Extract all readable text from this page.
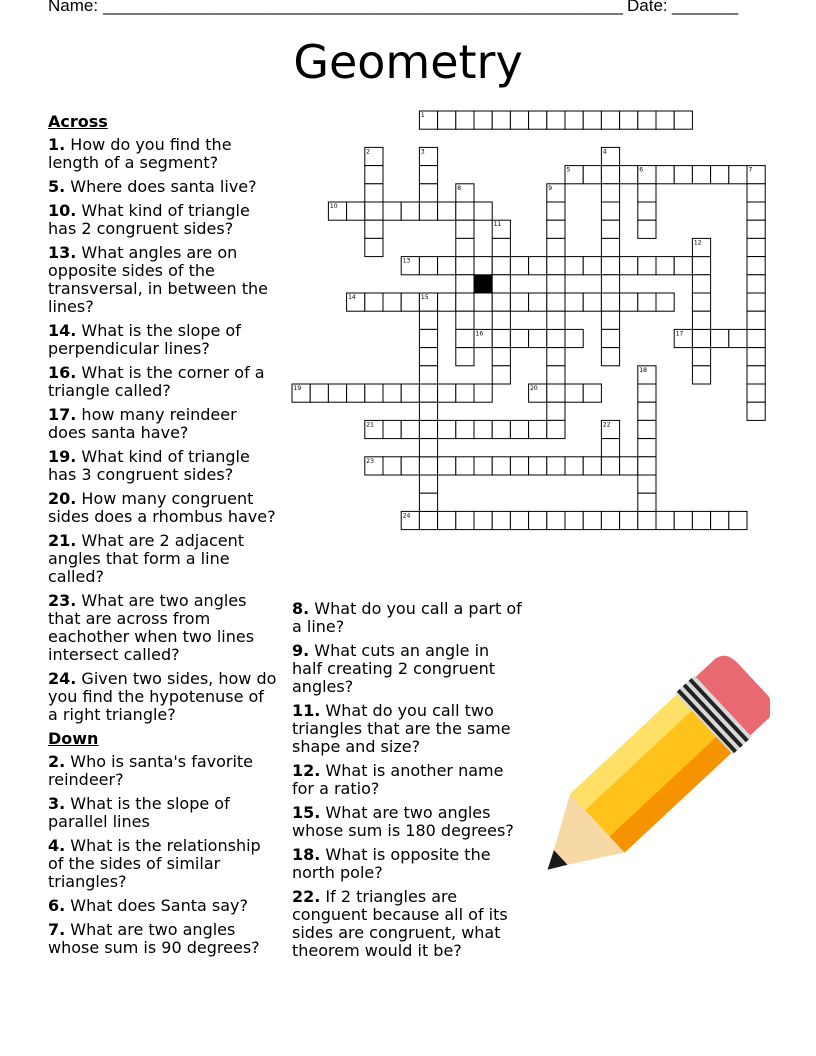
Name: _______________________________________________________ Date: _______
Geometry
1
5
10
13
14
16	17
19	20
21
23
24
2	3	4
6	7
8	9
11
12
15
18
22
Across
1. How do you find the length of a segment?
5. Where does santa live?
10. What kind of triangle has 2 congruent sides?
13. What angles are on opposite sides of the transversal, in between the lines?
14. What is the slope of perpendicular lines?
16. What is the corner of a triangle called?
17. how many reindeer does santa have?
19. What kind of triangle has 3 congruent sides?
20. How many congruent sides does a rhombus have?
21. What are 2 adjacent angles that form a line called?
23. What are two angles that are across from eachother when two lines intersect called?
24. Given two sides, how do you find the hypotenuse of a right triangle?
Down
2. Who is santa's favorite reindeer?
3. What is the slope of parallel lines
4. What is the relationship of the sides of similar triangles?
6. What does Santa say?
7. What are two angles whose sum is 90 degrees?
8. What do you call a part of a line?
9. What cuts an angle in half creating 2 congruent angles?
11. What do you call two triangles that are the same shape and size?
12. What is another name for a ratio?
15. What are two angles whose sum is 180 degrees?
18. What is opposite the north pole?
22. If 2 triangles are conguent because all of its sides are congruent, what theorem would it be?
